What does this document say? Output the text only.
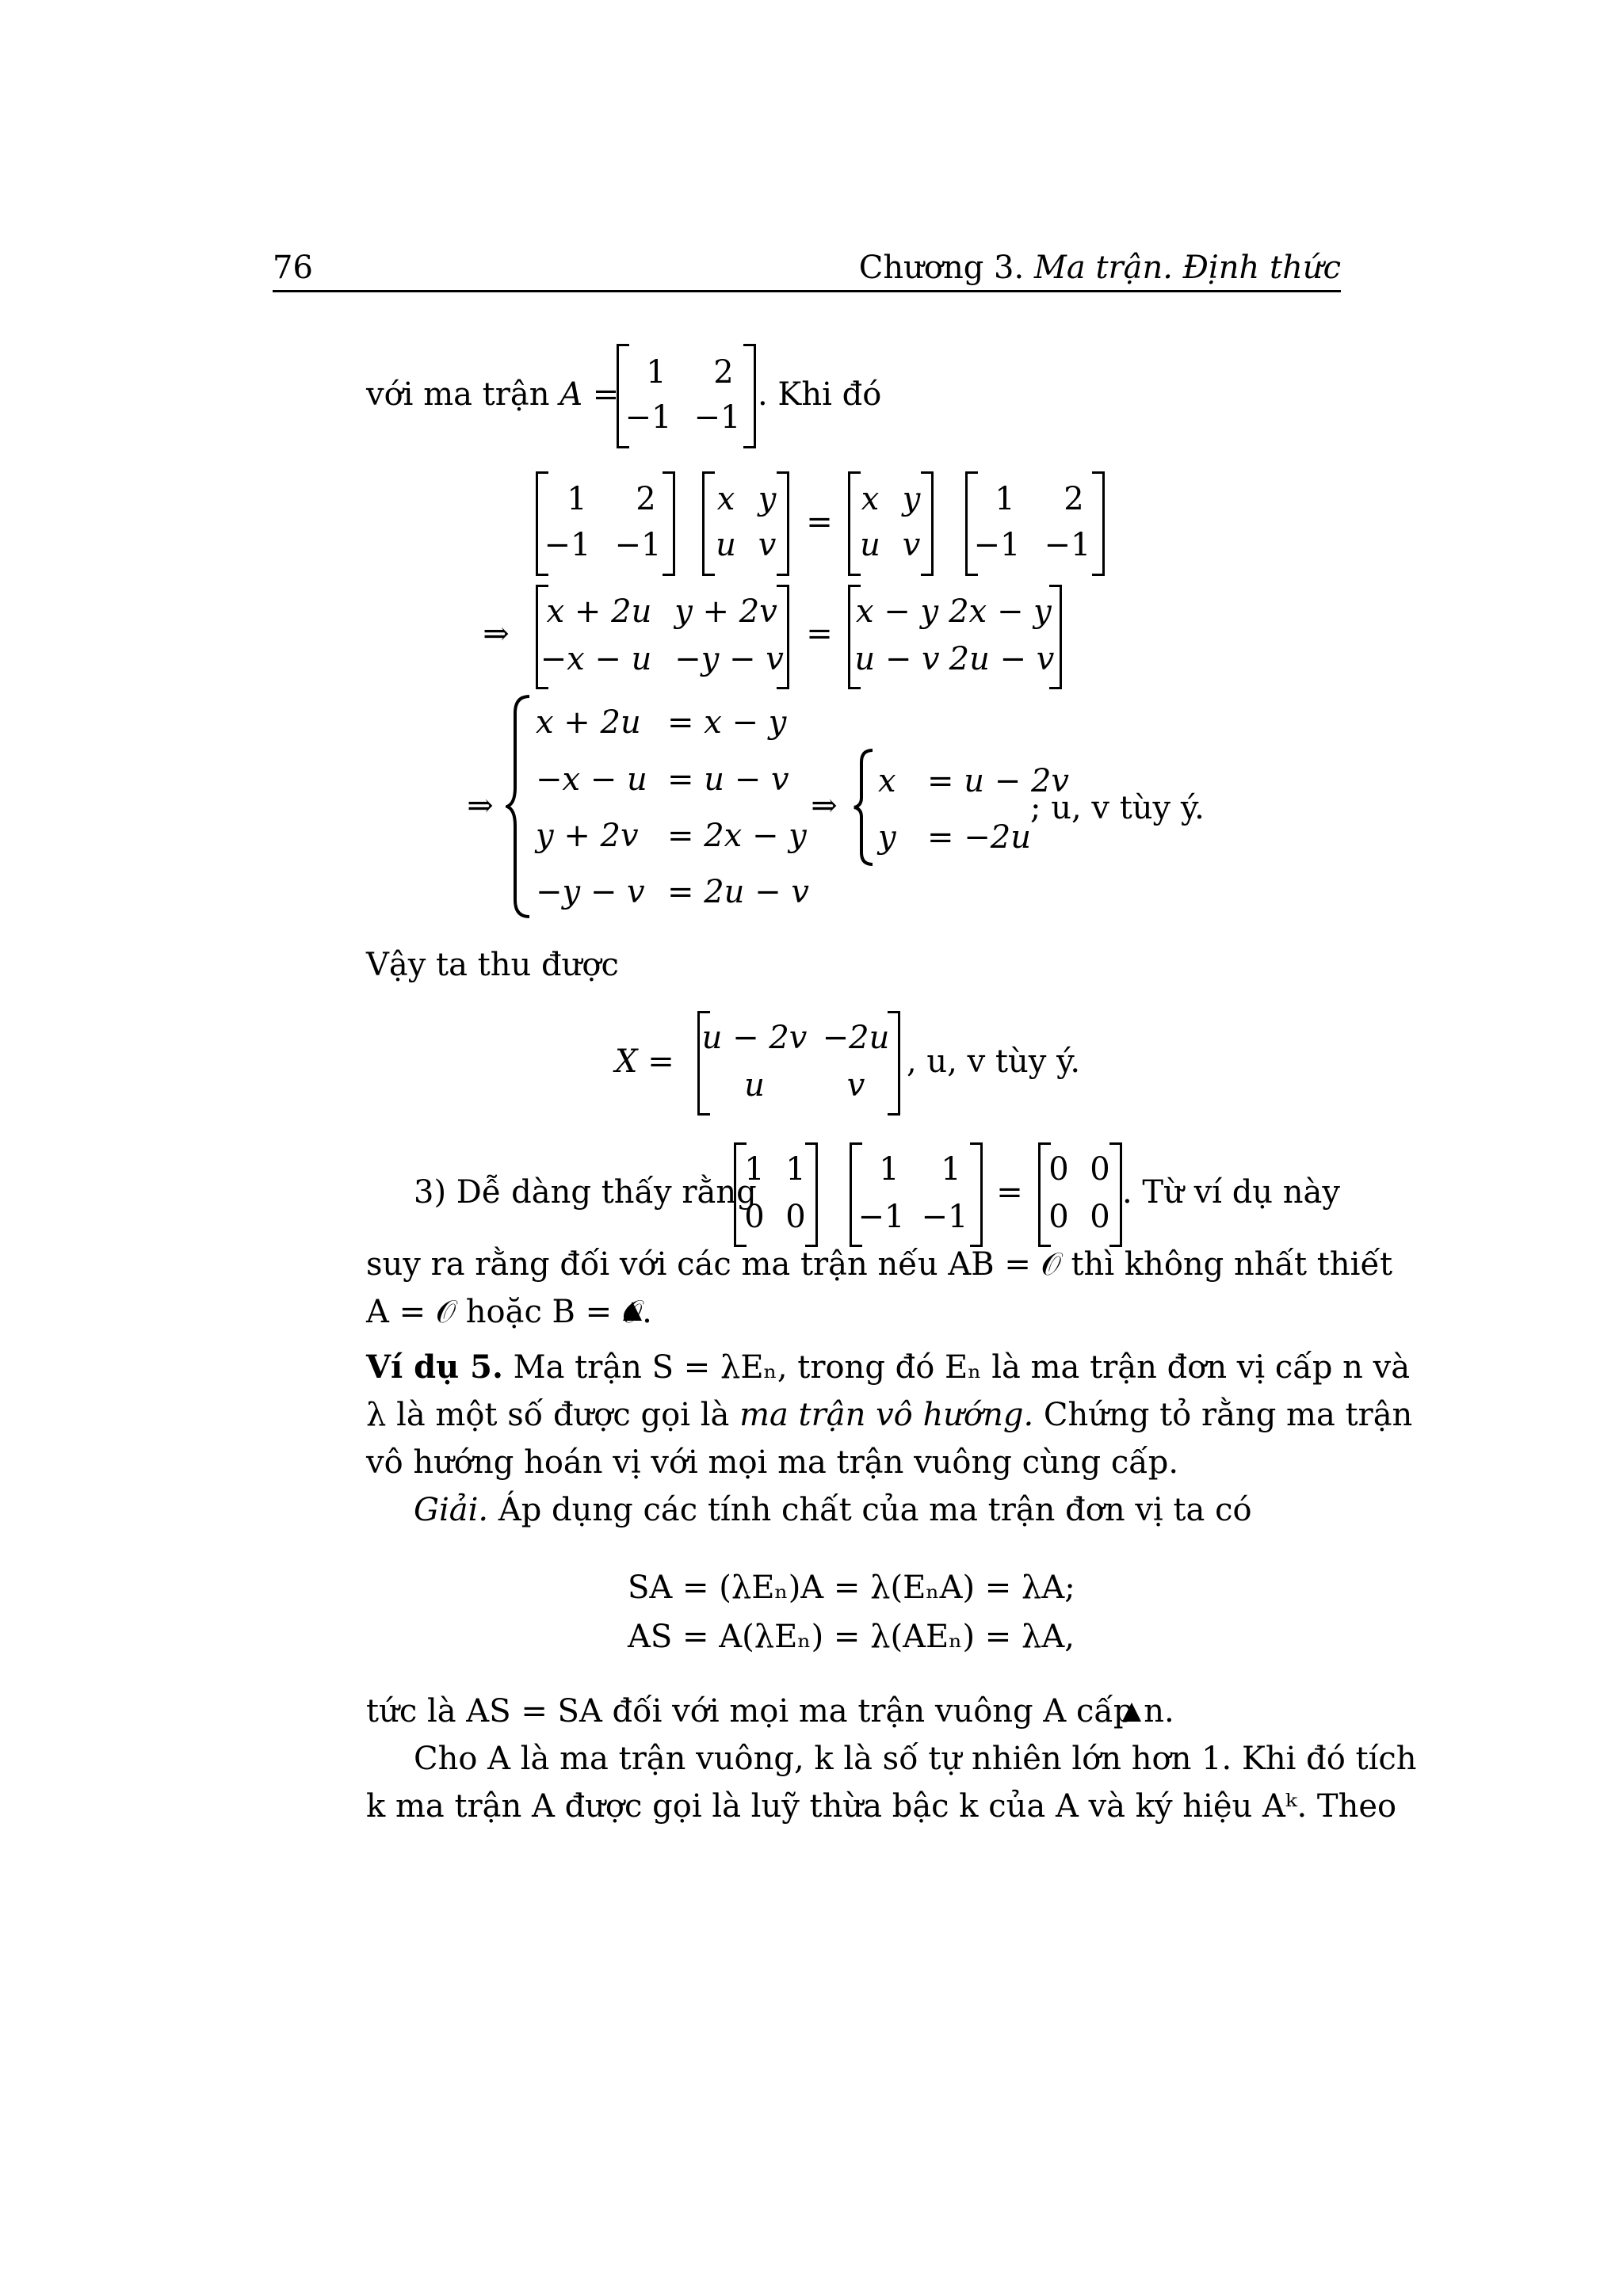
76	Chương 3. Ma trận. Định thức
với ma trận A =
1 2
−1 −1
. Khi đó
1 2
−1 −1
x y
u v
=
x y
u v
1 2
−1 −1
⇒
x + 2u y + 2v
−x − u −y − v
=
x − y 2x − y
u − v 2u − v
⇒
x + 2u
−x − u
y + 2v
−y − v
= x − y
= u − v
= 2x − y
= 2u − v
⇒
x
y
= u − 2v
= −2u
; u, v tùy ý.
Vậy ta thu được
X =
u − 2v −2u
u	v
, u, v tùy ý.
3) Dễ dàng thấy rằng
1 1
0 0
1 1
−1 −1
=
0 0
0 0
. Từ ví dụ này
suy ra rằng đối với các ma trận nếu AB = 𝒪 thì không nhất thiết
A = 𝒪 hoặc B = 𝒪.
Ví dụ 5. Ma trận S = λEₙ, trong đó Eₙ là ma trận đơn vị cấp n và
λ là một số được gọi là ma trận vô hướng. Chứng tỏ rằng ma trận
vô hướng hoán vị với mọi ma trận vuông cùng cấp.
Giải. Áp dụng các tính chất của ma trận đơn vị ta có
SA = (λEₙ)A = λ(EₙA) = λA;
AS = A(λEₙ) = λ(AEₙ) = λA,
tức là AS = SA đối với mọi ma trận vuông A cấp n.
Cho A là ma trận vuông, k là số tự nhiên lớn hơn 1. Khi đó tích
k ma trận A được gọi là luỹ thừa bậc k của A và ký hiệu Aᵏ. Theo
